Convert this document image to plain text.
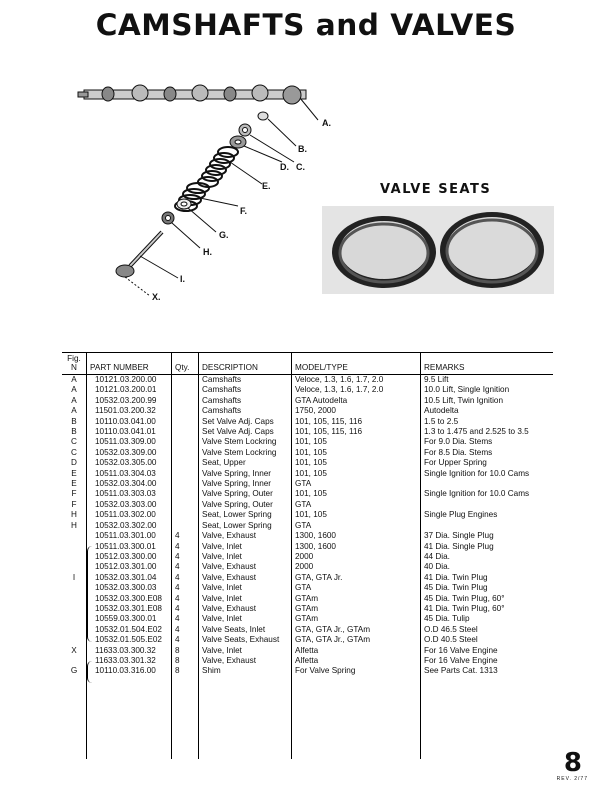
CAMSHAFTS and VALVES
A.
B.
C.
D.
E.
F.
G.
H.
I.
X.
VALVE SEATS
Fig.
N	PART NUMBER	Qty.	DESCRIPTION	MODEL/TYPE	REMARKS
A	10121.03.200.00		Camshafts	Veloce, 1.3, 1.6, 1.7, 2.0	9.5 Lift
A	10121.03.200.01		Camshafts	Veloce, 1.3, 1.6, 1.7, 2.0	10.0 Lift, Single Ignition
A	10532.03.200.99		Camshafts	GTA Autodelta	10.5 Lift, Twin Ignition
A	11501.03.200.32		Camshafts	1750, 2000	Autodelta
B	10110.03.041.00		Set Valve Adj. Caps	101, 105, 115, 116	1.5 to 2.5
B	10110.03.041.01		Set Valve Adj. Caps	101, 105, 115, 116	1.3 to 1.475 and 2.525 to 3.5
C	10511.03.309.00		Valve Stem Lockring	101, 105	For 9.0 Dia. Stems
C	10532.03.309.00		Valve Stem Lockring	101, 105	For 8.5 Dia. Stems
D	10532.03.305.00		Seat, Upper	101, 105	For Upper Spring
E	10511.03.304.03		Valve Spring, Inner	101, 105	Single Ignition for 10.0 Cams
E	10532.03.304.00		Valve Spring, Inner	GTA	
F	10511.03.303.03		Valve Spring, Outer	101, 105	Single Ignition for 10.0 Cams
F	10532.03.303.00		Valve Spring, Outer	GTA	
H	10511.03.302.00		Seat, Lower Spring	101, 105	Single Plug Engines
H	10532.03.302.00		Seat, Lower Spring	GTA	
	10511.03.301.00	4	Valve, Exhaust	1300, 1600	37 Dia. Single Plug
	10511.03.300.01	4	Valve, Inlet	1300, 1600	41 Dia. Single Plug
	10512.03.300.00	4	Valve, Inlet	2000	44 Dia.
	10512.03.301.00	4	Valve, Exhaust	2000	40 Dia.
I	10532.03.301.04	4	Valve, Exhaust	GTA, GTA Jr.	41 Dia. Twin Plug
	10532.03.300.03	4	Valve, Inlet	GTA	45 Dia. Twin Plug
	10532.03.300.E08	4	Valve, Inlet	GTAm	45 Dia. Twin Plug, 60°
	10532.03.301.E08	4	Valve, Exhaust	GTAm	41 Dia. Twin Plug, 60°
	10559.03.300.01	4	Valve, Inlet	GTAm	45 Dia. Tulip
	10532.01.504.E02	4	Valve Seats, Inlet	GTA, GTA Jr., GTAm	O.D 46.5 Steel
	10532.01.505.E02	4	Valve Seats, Exhaust	GTA, GTA Jr., GTAm	O.D 40.5 Steel
X	11633.03.300.32	8	Valve, Inlet	Alfetta	For 16 Valve Engine
	11633.03.301.32	8	Valve, Exhaust	Alfetta	For 16 Valve Engine
G	10110.03.316.00	8	Shim	For Valve Spring	See Parts Cat. 1313

8
REV. 2/77
